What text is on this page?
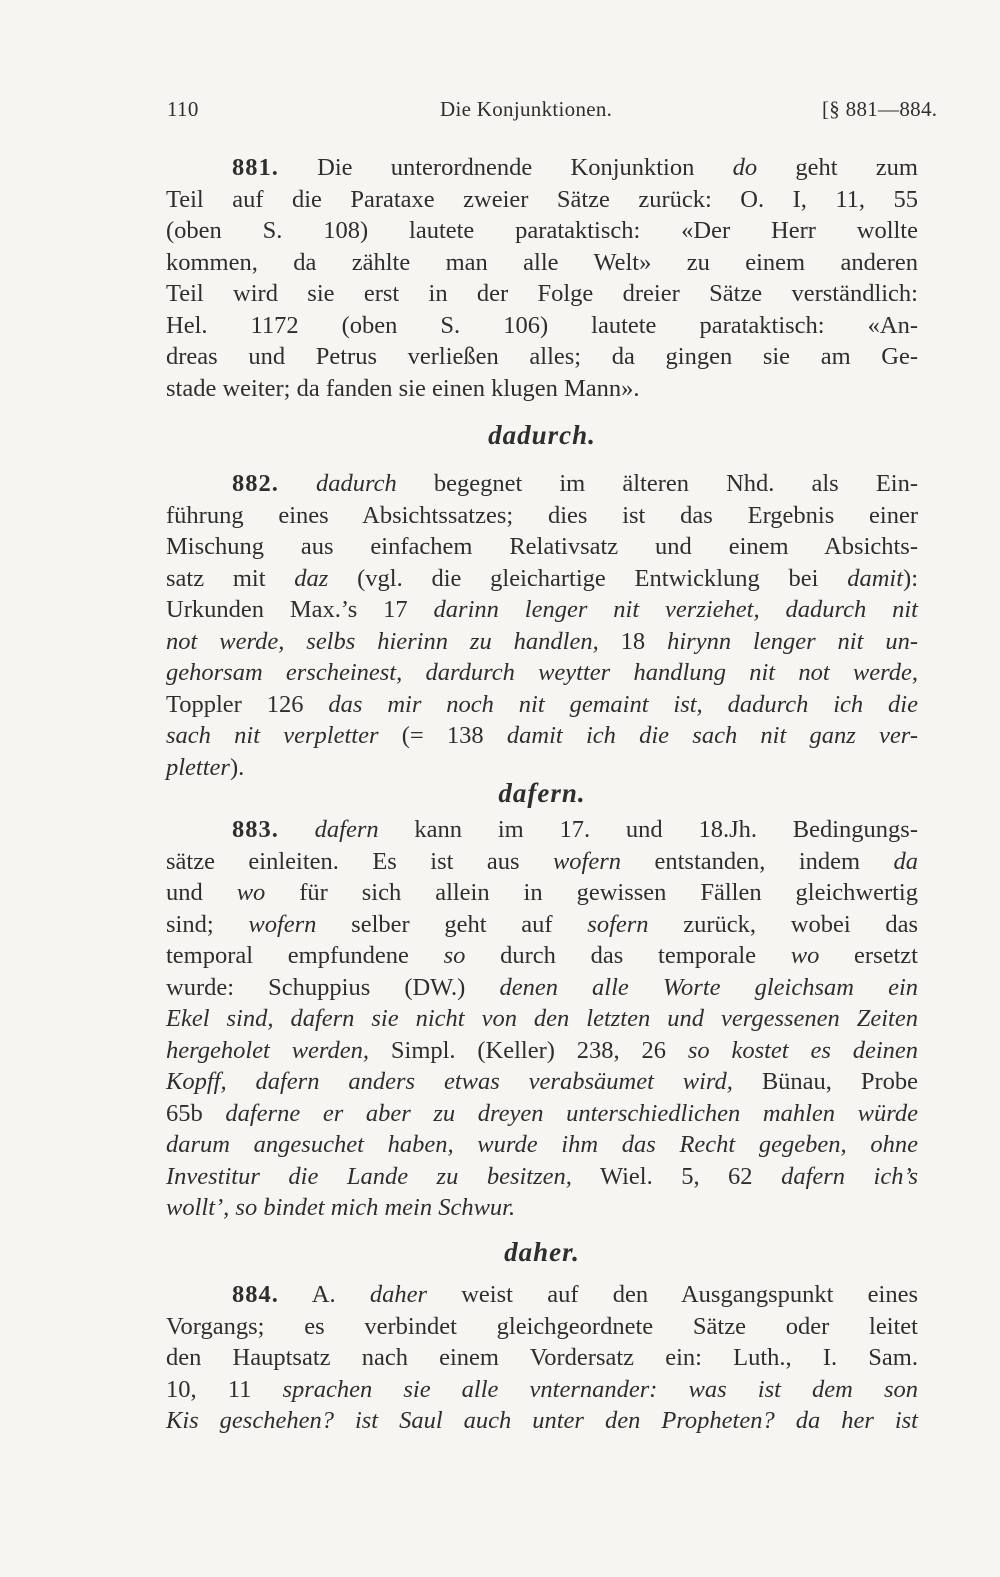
110	Die Konjunktionen.	[§ 881—884.
881. Die unterordnende Konjunktion do geht zum
Teil auf die Parataxe zweier Sätze zurück: O. I, 11, 55
(oben S. 108) lautete parataktisch: «Der Herr wollte
kommen, da zählte man alle Welt» zu einem anderen
Teil wird sie erst in der Folge dreier Sätze verständlich:
Hel. 1172 (oben S. 106) lautete parataktisch: «An-
dreas und Petrus verließen alles; da gingen sie am Ge-
stade weiter; da fanden sie einen klugen Mann».
dadurch.
882. dadurch begegnet im älteren Nhd. als Ein-
führung eines Absichtssatzes; dies ist das Ergebnis einer
Mischung aus einfachem Relativsatz und einem Absichts-
satz mit daz (vgl. die gleichartige Entwicklung bei damit):
Urkunden Max.’s 17 darinn lenger nit verziehet, dadurch nit
not werde, selbs hierinn zu handlen, 18 hirynn lenger nit un-
gehorsam erscheinest, dardurch weytter handlung nit not werde,
Toppler 126 das mir noch nit gemaint ist, dadurch ich die
sach nit verpletter (= 138 damit ich die sach nit ganz ver-
pletter).
dafern.
883. dafern kann im 17. und 18.Jh. Bedingungs-
sätze einleiten. Es ist aus wofern entstanden, indem da
und wo für sich allein in gewissen Fällen gleichwertig
sind; wofern selber geht auf sofern zurück, wobei das
temporal empfundene so durch das temporale wo ersetzt
wurde: Schuppius (DW.) denen alle Worte gleichsam ein
Ekel sind, dafern sie nicht von den letzten und vergessenen Zeiten
hergeholet werden, Simpl. (Keller) 238, 26 so kostet es deinen
Kopff, dafern anders etwas verabsäumet wird, Bünau, Probe
65b daferne er aber zu dreyen unterschiedlichen mahlen würde
darum angesuchet haben, wurde ihm das Recht gegeben, ohne
Investitur die Lande zu besitzen, Wiel. 5, 62 dafern ich’s
wollt’, so bindet mich mein Schwur.
daher.
884. A. daher weist auf den Ausgangspunkt eines
Vorgangs; es verbindet gleichgeordnete Sätze oder leitet
den Hauptsatz nach einem Vordersatz ein: Luth., I. Sam.
10, 11 sprachen sie alle vnternander: was ist dem son
Kis geschehen? ist Saul auch unter den Propheten? da her ist
